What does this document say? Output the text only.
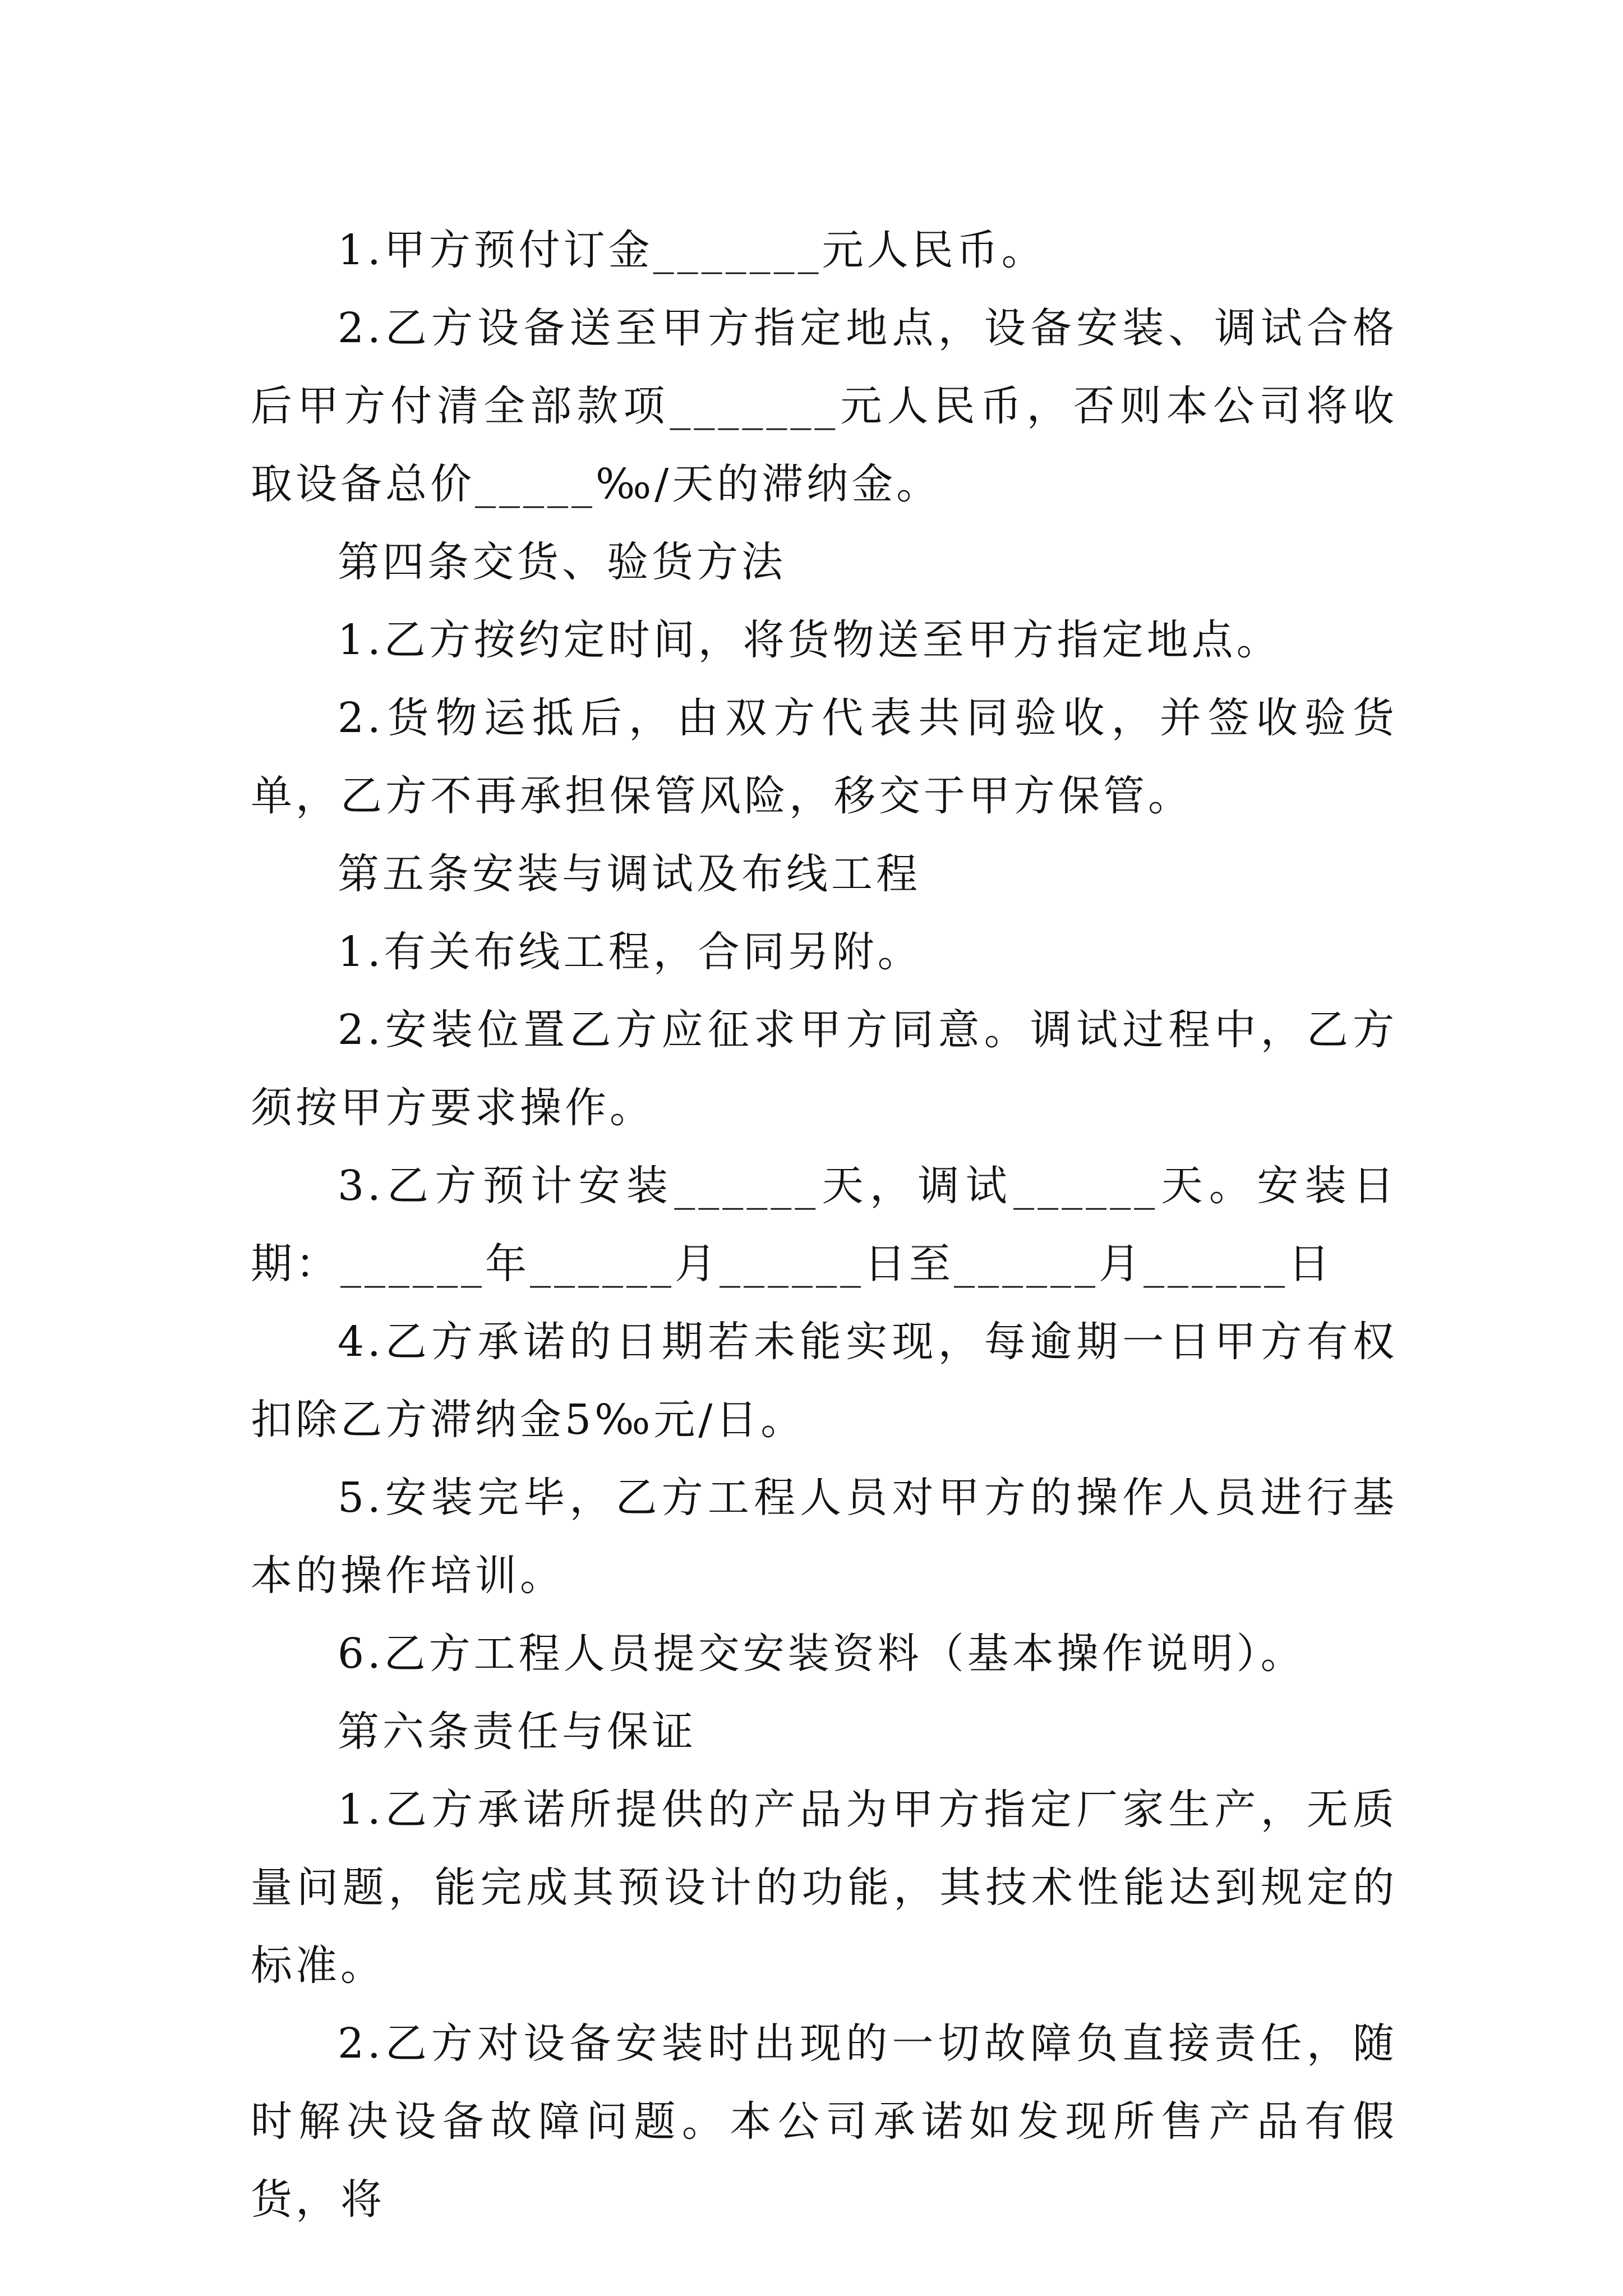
1.甲方预付订金_______元人民币。

2.乙方设备送至甲方指定地点，设备安装、调试合格后甲方付清全部款项_______元人民币，否则本公司将收取设备总价_____‰/天的滞纳金。

第四条交货、验货方法

1.乙方按约定时间，将货物送至甲方指定地点。

2.货物运抵后，由双方代表共同验收，并签收验货单，乙方不再承担保管风险，移交于甲方保管。

第五条安装与调试及布线工程

1.有关布线工程，合同另附。

2.安装位置乙方应征求甲方同意。调试过程中，乙方须按甲方要求操作。

3.乙方预计安装______天，调试______天。安装日期：______年______月______日至______月______日

4.乙方承诺的日期若未能实现，每逾期一日甲方有权扣除乙方滞纳金5‰元/日。

5.安装完毕，乙方工程人员对甲方的操作人员进行基本的操作培训。

6.乙方工程人员提交安装资料（基本操作说明）。

第六条责任与保证

1.乙方承诺所提供的产品为甲方指定厂家生产，无质量问题，能完成其预设计的功能，其技术性能达到规定的标准。

2.乙方对设备安装时出现的一切故障负直接责任，随时解决设备故障问题。本公司承诺如发现所售产品有假货，将
